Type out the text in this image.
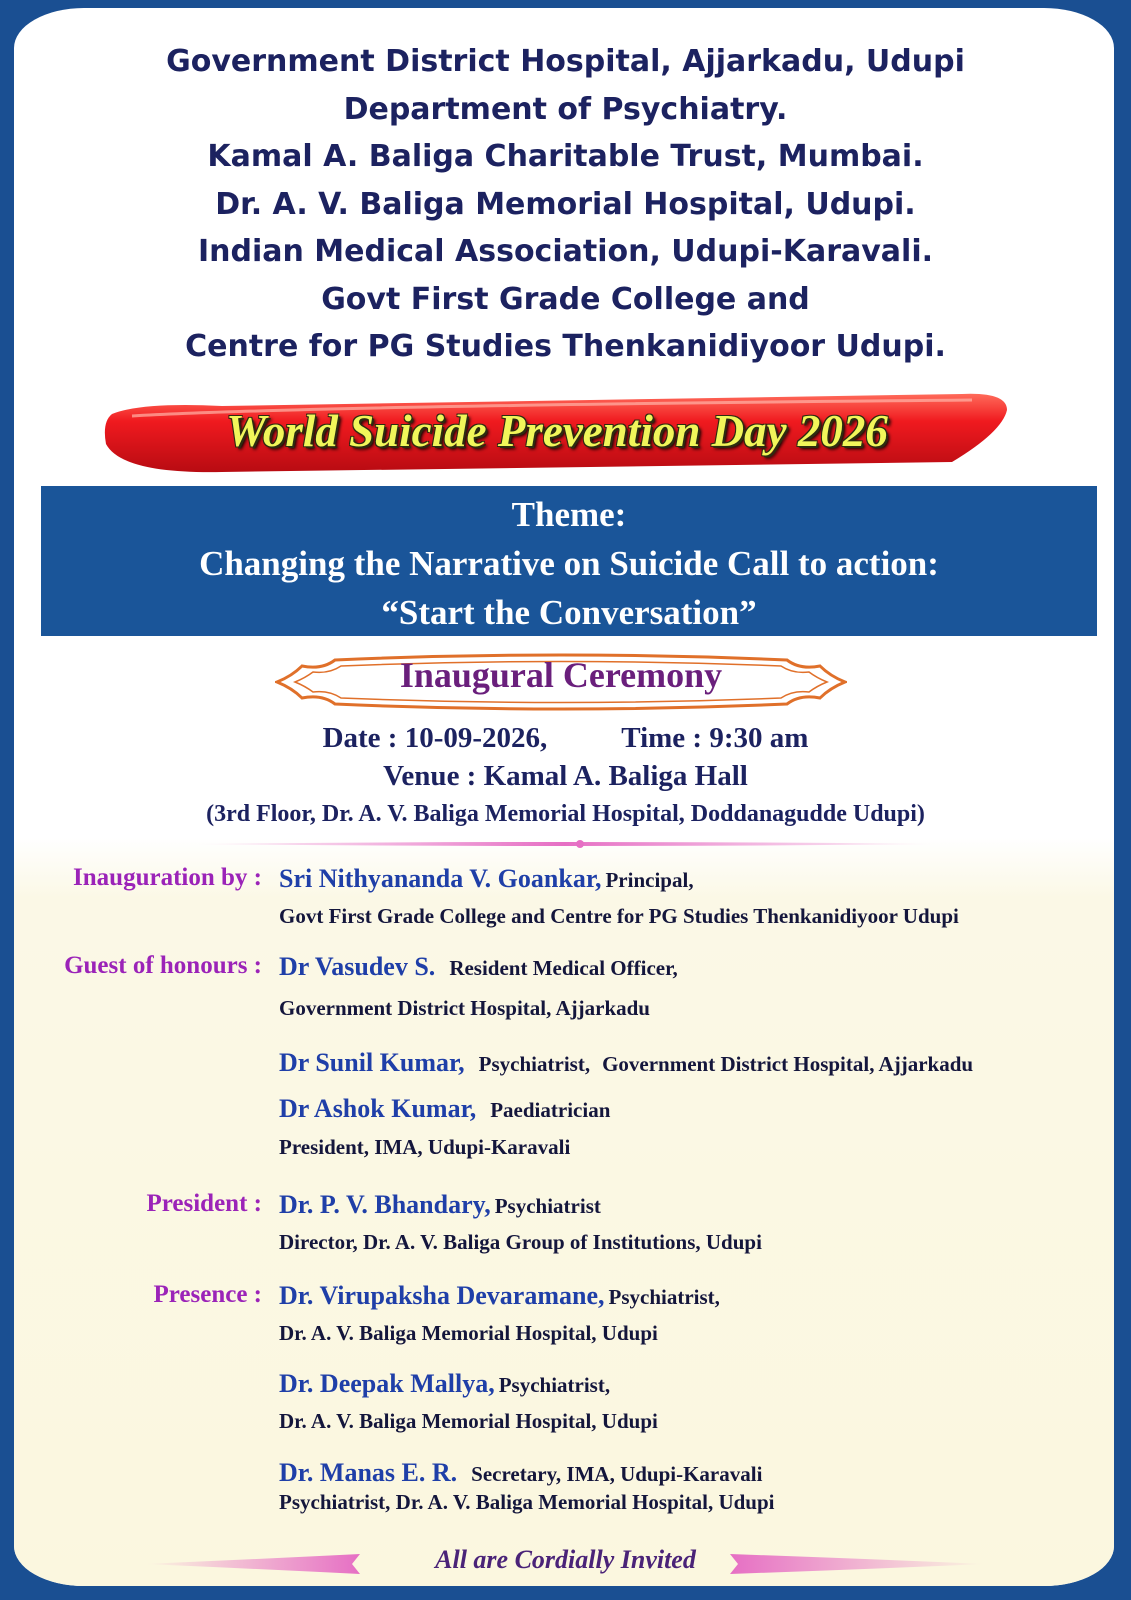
Government District Hospital, Ajjarkadu, Udupi
Department of Psychiatry.
Kamal A. Baliga Charitable Trust, Mumbai.
Dr. A. V. Baliga Memorial Hospital, Udupi.
Indian Medical Association, Udupi-Karavali.
Govt First Grade College and
Centre for PG Studies Thenkanidiyoor Udupi.
World Suicide Prevention Day 2026
Theme:
Changing the Narrative on Suicide Call to action:
“Start the Conversation”
Inaugural Ceremony
Date : 10-09-2026,	Time : 9:30 am
Venue : Kamal A. Baliga Hall
(3rd Floor, Dr. A. V. Baliga Memorial Hospital, Doddanagudde Udupi)
Inauguration by : Sri Nithyananda V. Goankar, Principal,
Govt First Grade College and Centre for PG Studies Thenkanidiyoor Udupi
Guest of honours : Dr Vasudev S. Resident Medical Officer,
Government District Hospital, Ajjarkadu
Dr Sunil Kumar, Psychiatrist, Government District Hospital, Ajjarkadu
Dr Ashok Kumar, Paediatrician
President, IMA, Udupi-Karavali
President : Dr. P. V. Bhandary, Psychiatrist
Director, Dr. A. V. Baliga Group of Institutions, Udupi
Presence : Dr. Virupaksha Devaramane, Psychiatrist,
Dr. A. V. Baliga Memorial Hospital, Udupi
Dr. Deepak Mallya, Psychiatrist,
Dr. A. V. Baliga Memorial Hospital, Udupi
Dr. Manas E. R. Secretary, IMA, Udupi-Karavali
Psychiatrist, Dr. A. V. Baliga Memorial Hospital, Udupi
All are Cordially Invited
